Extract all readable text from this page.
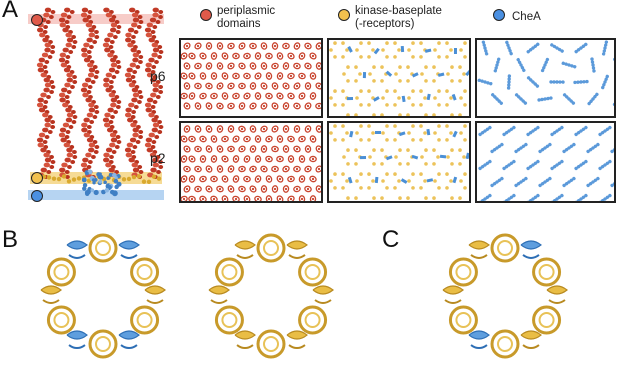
A
B	C
periplasmic
domains
kinase-baseplate
(-receptors)
CheA
p6
p2
